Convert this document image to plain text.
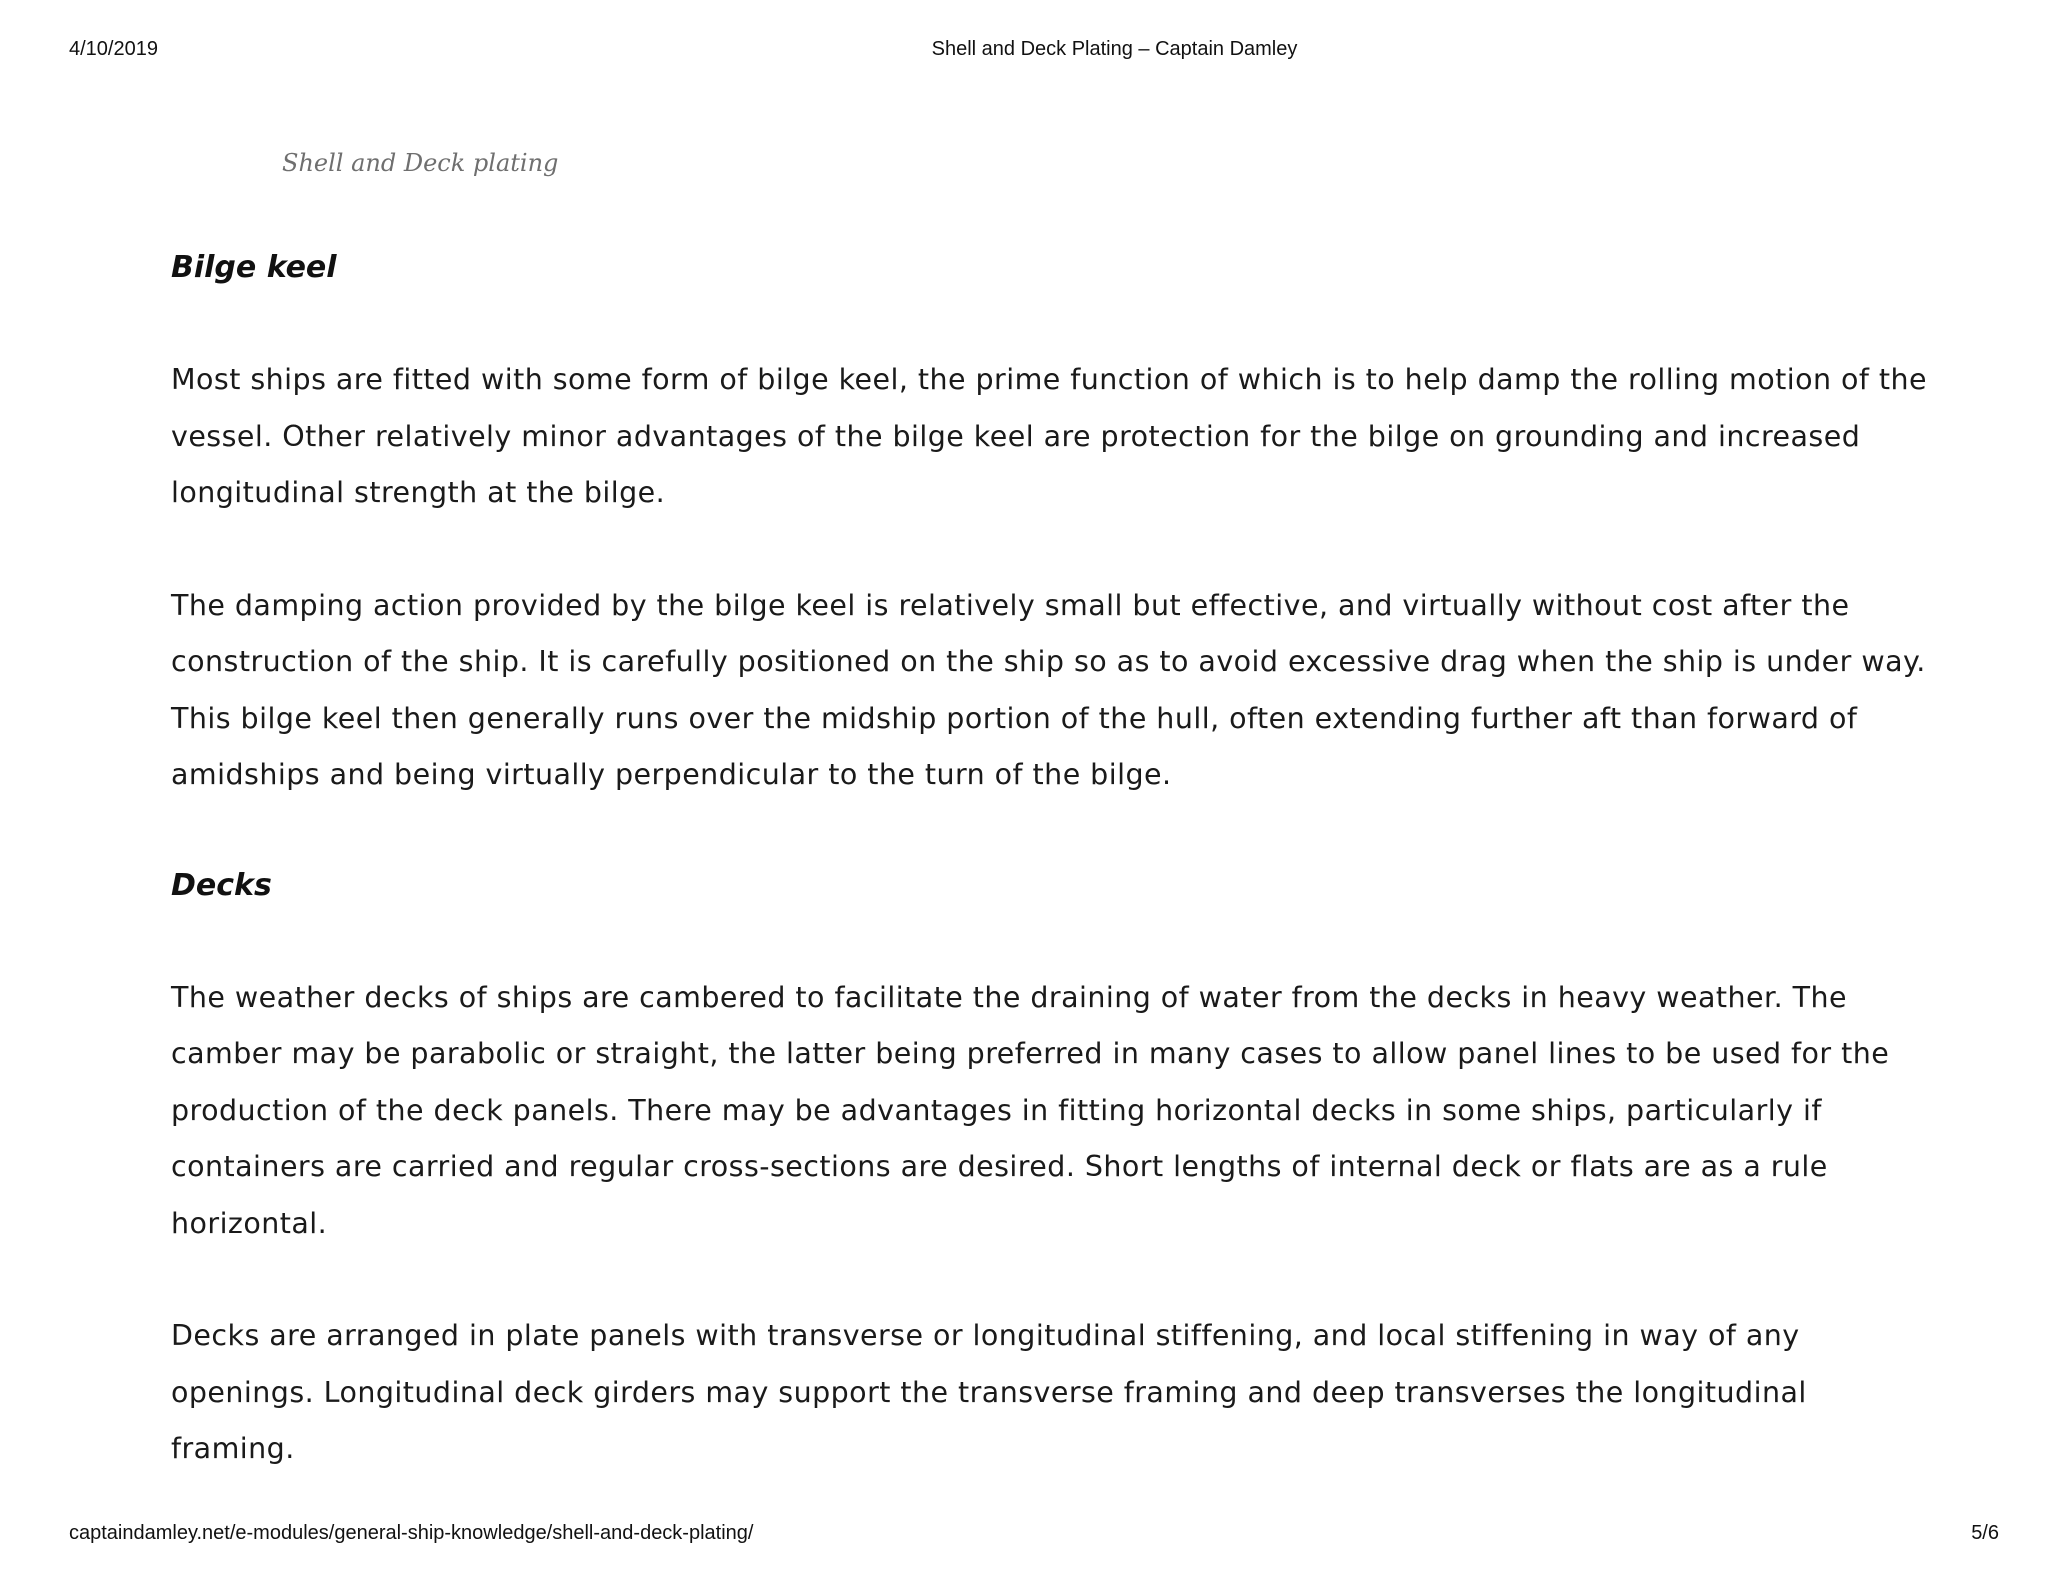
4/10/2019	Shell and Deck Plating – Captain Damley

Shell and Deck plating

Bilge keel

Most ships are fitted with some form of bilge keel, the prime function of which is to help damp the rolling motion of the vessel. Other relatively minor advantages of the bilge keel are protection for the bilge on grounding and increased longitudinal strength at the bilge.

The damping action provided by the bilge keel is relatively small but effective, and virtually without cost after the construction of the ship. It is carefully positioned on the ship so as to avoid excessive drag when the ship is under way. This bilge keel then generally runs over the midship portion of the hull, often extending further aft than forward of amidships and being virtually perpendicular to the turn of the bilge.

Decks

The weather decks of ships are cambered to facilitate the draining of water from the decks in heavy weather. The camber may be parabolic or straight, the latter being preferred in many cases to allow panel lines to be used for the production of the deck panels. There may be advantages in fitting horizontal decks in some ships, particularly if containers are carried and regular cross-sections are desired. Short lengths of internal deck or flats are as a rule horizontal.

Decks are arranged in plate panels with transverse or longitudinal stiffening, and local stiffening in way of any openings. Longitudinal deck girders may support the transverse framing and deep transverses the longitudinal framing.

captaindamley.net/e-modules/general-ship-knowledge/shell-and-deck-plating/	5/6
